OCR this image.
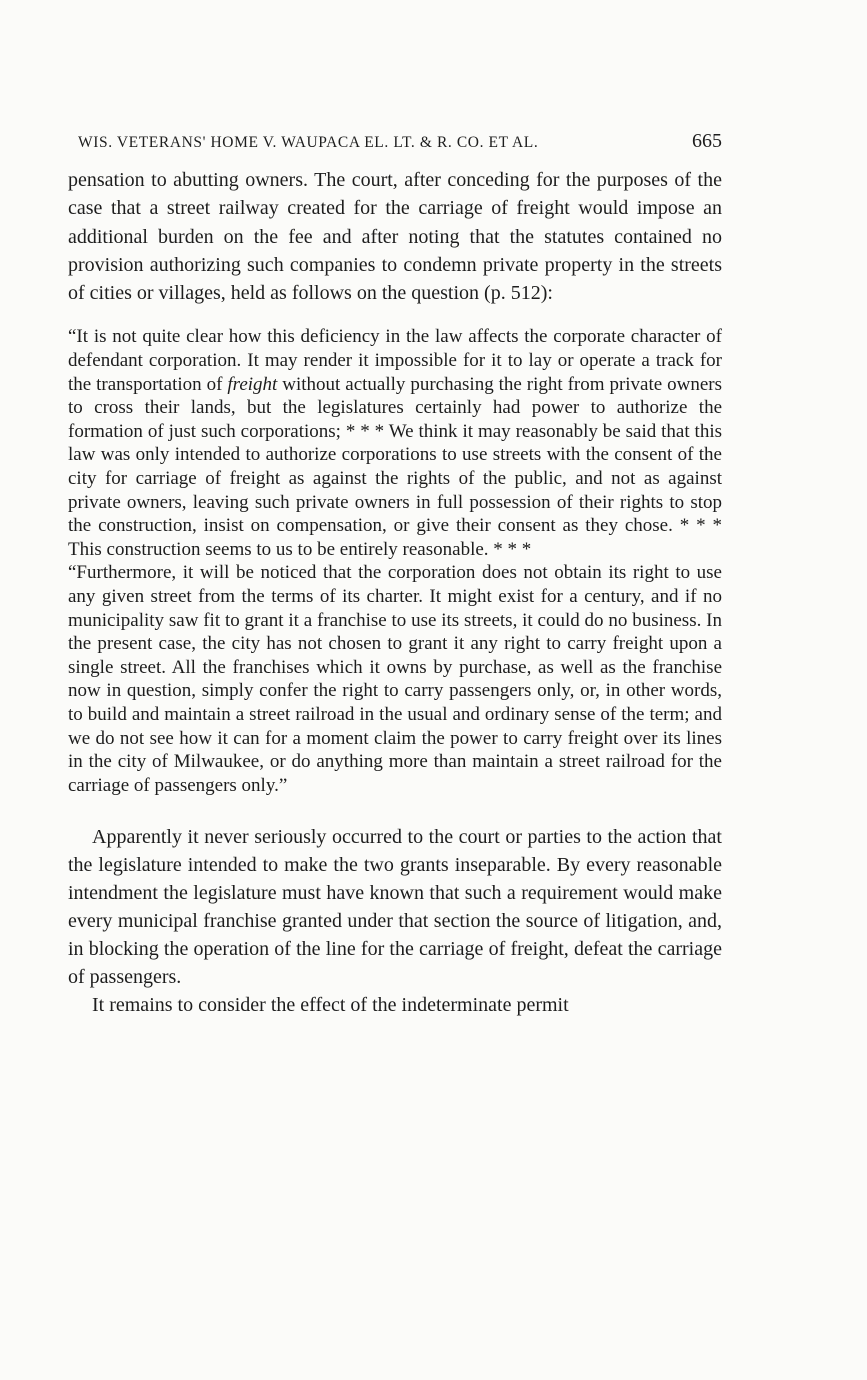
WIS. VETERANS' HOME V. WAUPACA EL. LT. & R. CO. ET AL.	665

pensation to abutting owners. The court, after conceding for the purposes of the case that a street railway created for the carriage of freight would impose an additional burden on the fee and after noting that the statutes contained no provision authorizing such companies to condemn private property in the streets of cities or villages, held as follows on the question (p. 512):

“It is not quite clear how this deficiency in the law affects the corporate character of defendant corporation. It may render it impossible for it to lay or operate a track for the transportation of freight without actually purchasing the right from private owners to cross their lands, but the legislatures certainly had power to authorize the formation of just such corporations; * * * We think it may reasonably be said that this law was only intended to authorize corporations to use streets with the consent of the city for carriage of freight as against the rights of the public, and not as against private owners, leaving such private owners in full possession of their rights to stop the construction, insist on compensation, or give their consent as they chose. * * * This construction seems to us to be entirely reasonable. * * *

“Furthermore, it will be noticed that the corporation does not obtain its right to use any given street from the terms of its charter. It might exist for a century, and if no municipality saw fit to grant it a franchise to use its streets, it could do no business. In the present case, the city has not chosen to grant it any right to carry freight upon a single street. All the franchises which it owns by purchase, as well as the franchise now in question, simply confer the right to carry passengers only, or, in other words, to build and maintain a street railroad in the usual and ordinary sense of the term; and we do not see how it can for a moment claim the power to carry freight over its lines in the city of Milwaukee, or do anything more than maintain a street railroad for the carriage of passengers only.”

Apparently it never seriously occurred to the court or parties to the action that the legislature intended to make the two grants inseparable. By every reasonable intendment the legislature must have known that such a requirement would make every municipal franchise granted under that section the source of litigation, and, in blocking the operation of the line for the carriage of freight, defeat the carriage of passengers.

It remains to consider the effect of the indeterminate permit
